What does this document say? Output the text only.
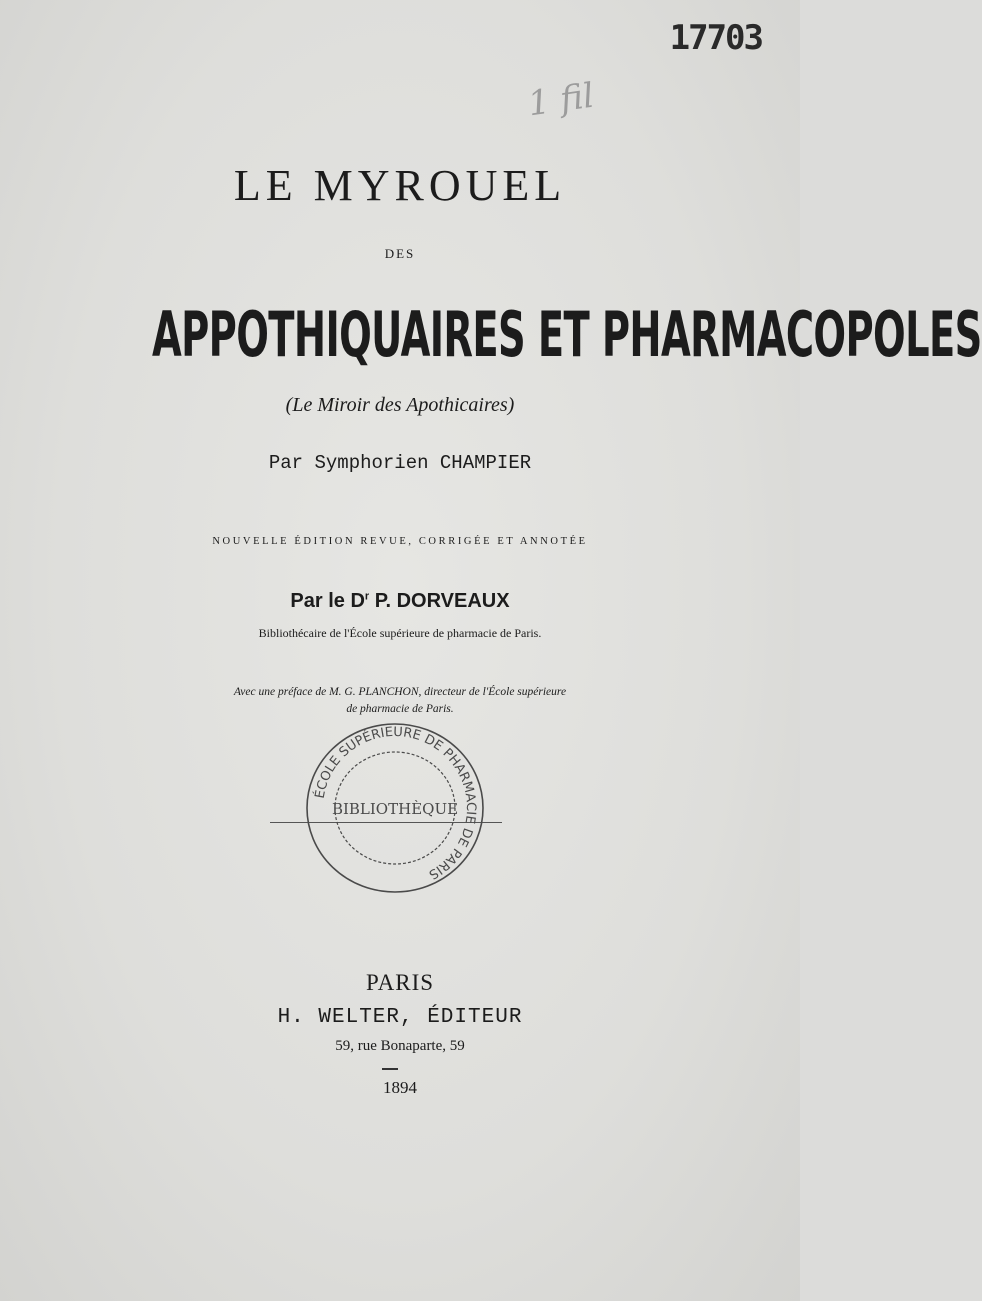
17703
1 fil
LE MYROUEL
DES
APPOTHIQUAIRES ET PHARMACOPOLES
(Le Miroir des Apothicaires)
Par Symphorien CHAMPIER
NOUVELLE ÉDITION REVUE, CORRIGÉE ET ANNOTÉE
Par le $D^r$ P. DORVEAUX
Bibliothécaire de l'École supérieure de pharmacie de Paris.
Avec une préface de M. G. PLANCHON, directeur de l'École supérieure
de pharmacie de Paris.
ÉCOLE SUPÉRIEURE DE PHARMACIE DE PARIS
BIBLIOTHÈQUE
PARIS
H. WELTER, ÉDITEUR
59, rue Bonaparte, 59
1894
